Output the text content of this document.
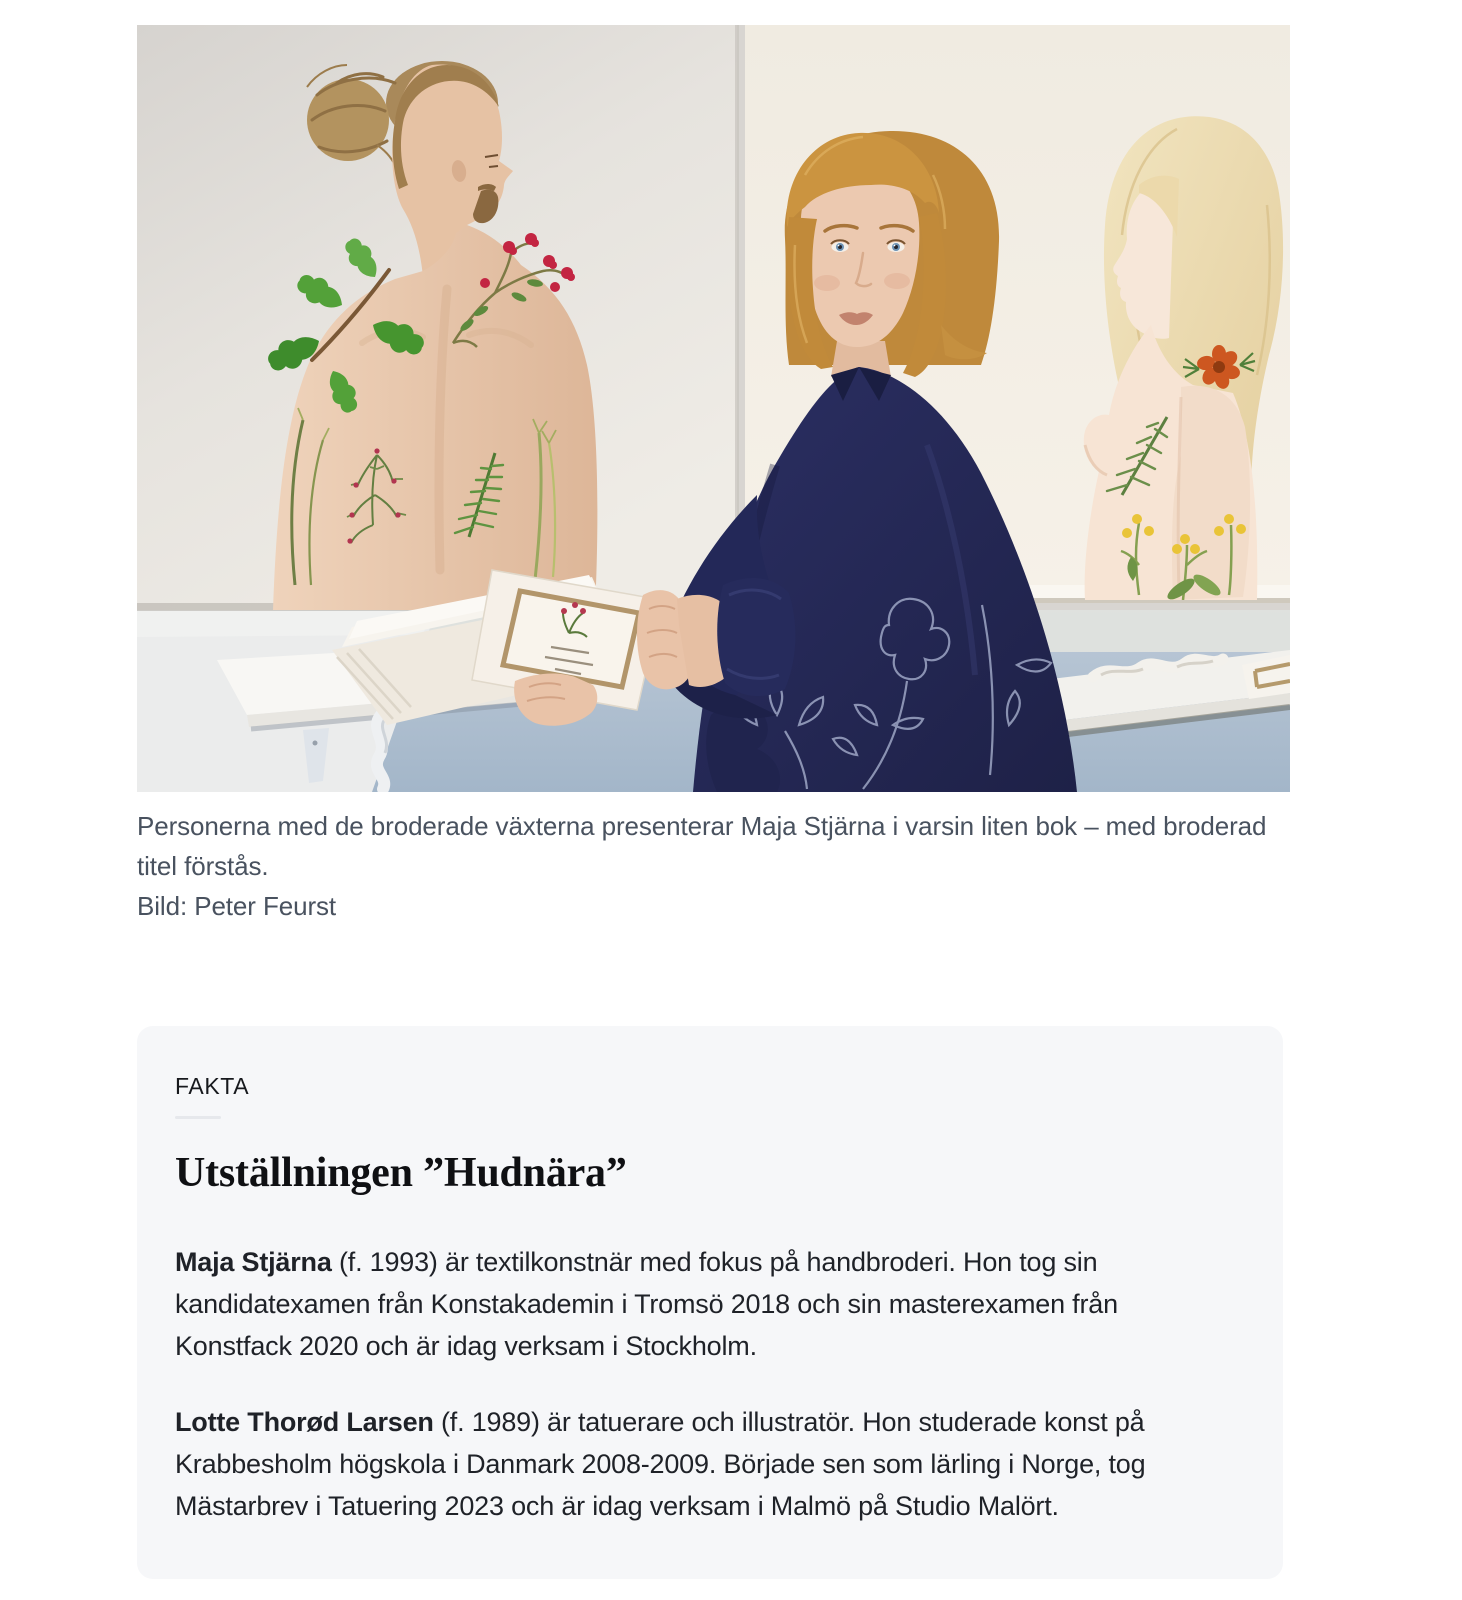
Personerna med de broderade växterna presenterar Maja Stjärna i varsin liten bok – med broderad titel förstås.

Bild: Peter Feurst

FAKTA
Utställningen ”Hudnära”

Maja Stjärna (f. 1993) är textilkonstnär med fokus på handbroderi. Hon tog sin kandidatexamen från Konstakademin i Tromsö 2018 och sin masterexamen från Konstfack 2020 och är idag verksam i Stockholm.

Lotte Thorød Larsen (f. 1989) är tatuerare och illustratör. Hon studerade konst på Krabbesholm högskola i Danmark 2008-2009. Började sen som lärling i Norge, tog Mästarbrev i Tatuering 2023 och är idag verksam i Malmö på Studio Malört.
